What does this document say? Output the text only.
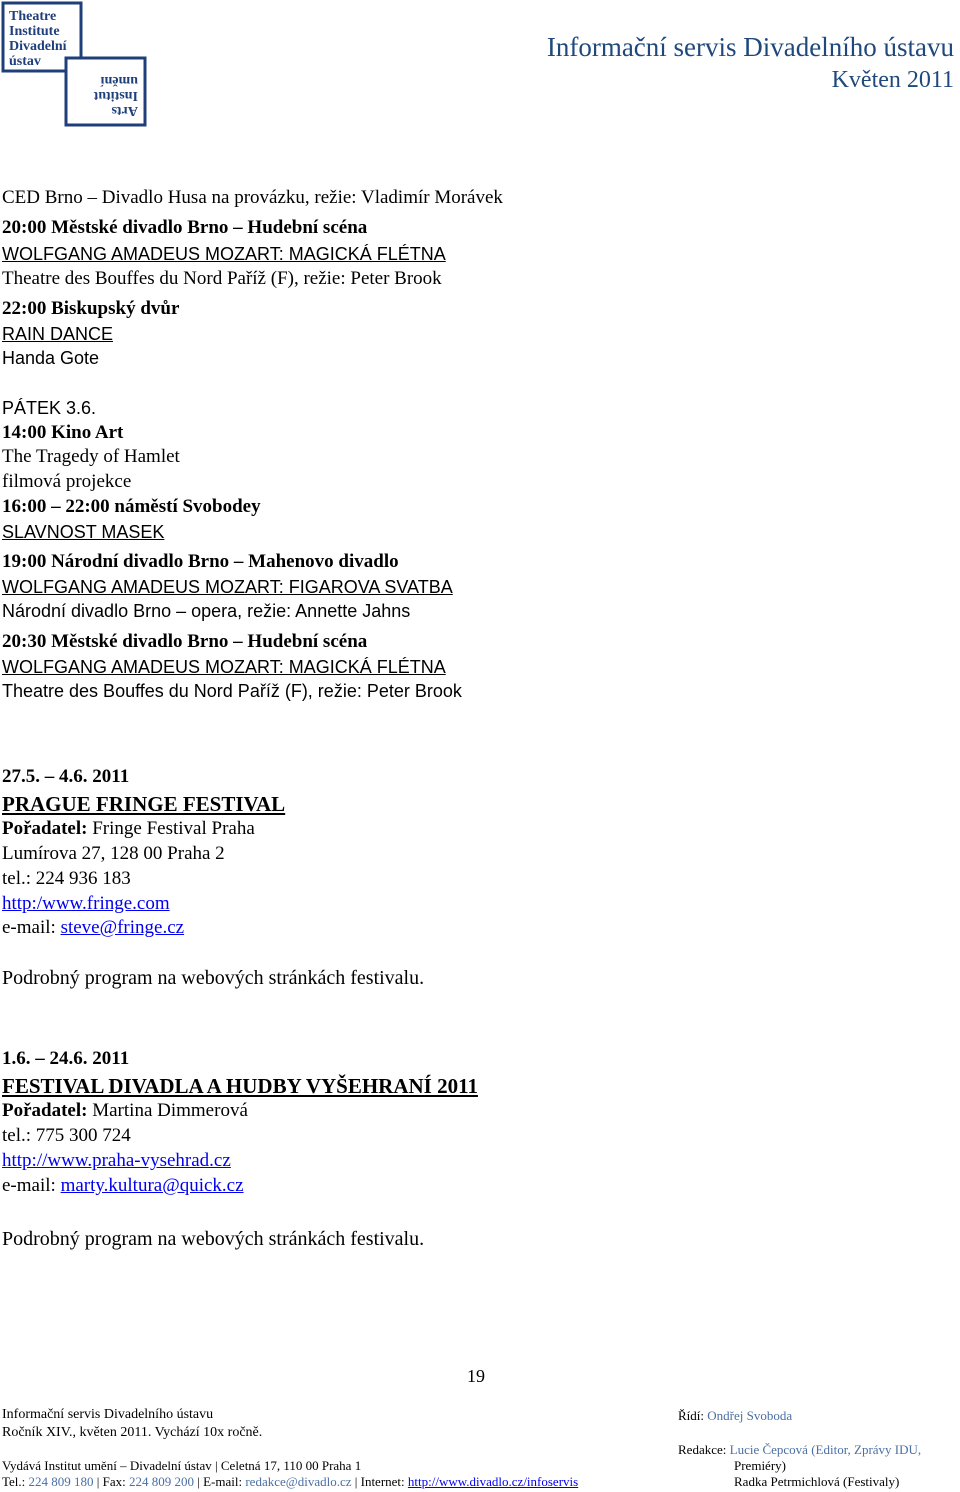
Theatre
Institute
Divadelní
ústav
Arts
Institut
umění
Informační servis Divadelního ústavu
Květen 2011
CED Brno – Divadlo Husa na provázku, režie: Vladimír Morávek
20:00 Městské divadlo Brno – Hudební scéna
WOLFGANG AMADEUS MOZART: MAGICKÁ FLÉTNA
Theatre des Bouffes du Nord Paříž (F), režie: Peter Brook
22:00 Biskupský dvůr
RAIN DANCE
Handa Gote
PÁTEK 3.6.
14:00 Kino Art
The Tragedy of Hamlet
filmová projekce
16:00 – 22:00 náměstí Svobodey
SLAVNOST MASEK
19:00 Národní divadlo Brno – Mahenovo divadlo
WOLFGANG AMADEUS MOZART: FIGAROVA SVATBA
Národní divadlo Brno – opera, režie: Annette Jahns
20:30 Městské divadlo Brno – Hudební scéna
WOLFGANG AMADEUS MOZART: MAGICKÁ FLÉTNA
Theatre des Bouffes du Nord Paříž (F), režie: Peter Brook
27.5. – 4.6. 2011
PRAGUE FRINGE FESTIVAL
Pořadatel: Fringe Festival Praha
Lumírova 27, 128 00 Praha 2
tel.: 224 936 183
http:/www.fringe.com
e-mail: steve@fringe.cz
Podrobný program na webových stránkách festivalu.
1.6. – 24.6. 2011
FESTIVAL DIVADLA A HUDBY VYŠEHRANÍ 2011
Pořadatel: Martina Dimmerová
tel.: 775 300 724
http://www.praha-vysehrad.cz
e-mail: marty.kultura@quick.cz
Podrobný program na webových stránkách festivalu.
19
Informační servis Divadelního ústavu
Ročník XIV., květen 2011. Vychází 10x ročně.
Vydává Institut umění – Divadelní ústav | Celetná 17, 110 00 Praha 1
Tel.: 224 809 180 | Fax: 224 809 200 | E-mail: redakce@divadlo.cz | Internet: http://www.divadlo.cz/infoservis
Řídí: Ondřej Svoboda
Redakce: Lucie Čepcová (Editor, Zprávy IDU,
Premiéry)
Radka Petrmichlová (Festivaly)
